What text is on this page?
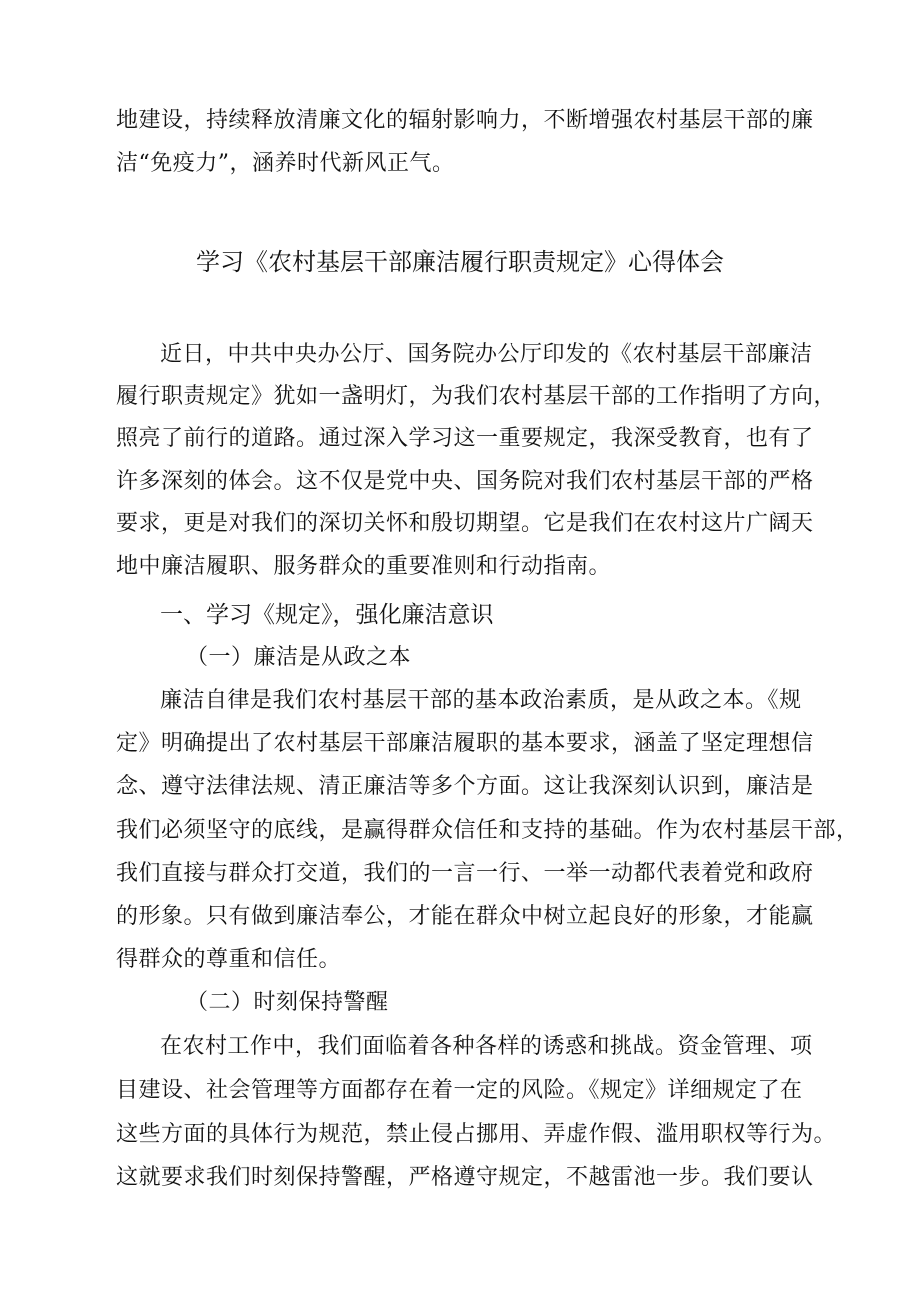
地建设，持续释放清廉文化的辐射影响力，不断增强农村基层干部的廉
洁“免疫力”，涵养时代新风正气。
学习《农村基层干部廉洁履行职责规定》心得体会
近日，中共中央办公厅、国务院办公厅印发的《农村基层干部廉洁
履行职责规定》犹如一盏明灯，为我们农村基层干部的工作指明了方向，
照亮了前行的道路。通过深入学习这一重要规定，我深受教育，也有了
许多深刻的体会。这不仅是党中央、国务院对我们农村基层干部的严格
要求，更是对我们的深切关怀和殷切期望。它是我们在农村这片广阔天
地中廉洁履职、服务群众的重要准则和行动指南。
一、学习《规定》，强化廉洁意识
（一）廉洁是从政之本
廉洁自律是我们农村基层干部的基本政治素质，是从政之本。《规
定》明确提出了农村基层干部廉洁履职的基本要求，涵盖了坚定理想信
念、遵守法律法规、清正廉洁等多个方面。这让我深刻认识到，廉洁是
我们必须坚守的底线，是赢得群众信任和支持的基础。作为农村基层干部，
我们直接与群众打交道，我们的一言一行、一举一动都代表着党和政府
的形象。只有做到廉洁奉公，才能在群众中树立起良好的形象，才能赢
得群众的尊重和信任。
（二）时刻保持警醒
在农村工作中，我们面临着各种各样的诱惑和挑战。资金管理、项
目建设、社会管理等方面都存在着一定的风险。《规定》详细规定了在
这些方面的具体行为规范，禁止侵占挪用、弄虚作假、滥用职权等行为。
这就要求我们时刻保持警醒，严格遵守规定，不越雷池一步。我们要认
